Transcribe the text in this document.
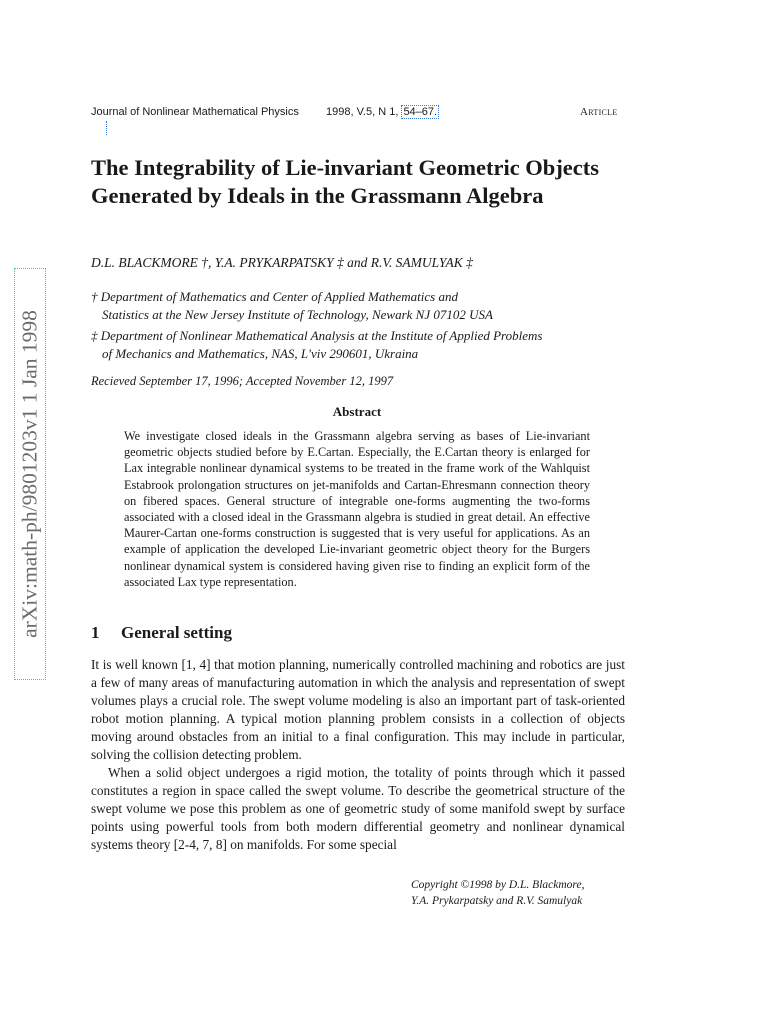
Journal of Nonlinear Mathematical Physics 1998, V.5, N 1, 54–67.	Article
arXiv:math-ph/9801203v1 1 Jan 1998
The Integrability of Lie-invariant Geometric Objects Generated by Ideals in the Grassmann Algebra
D.L. BLACKMORE †, Y.A. PRYKARPATSKY ‡ and R.V. SAMULYAK ‡
† Department of Mathematics and Center of Applied Mathematics and
Statistics at the New Jersey Institute of Technology, Newark NJ 07102 USA
‡ Department of Nonlinear Mathematical Analysis at the Institute of Applied Problems
of Mechanics and Mathematics, NAS, L'viv 290601, Ukraina
Recieved September 17, 1996; Accepted November 12, 1997
Abstract
We investigate closed ideals in the Grassmann algebra serving as bases of Lie-invariant geometric objects studied before by E.Cartan. Especially, the E.Cartan theory is enlarged for Lax integrable nonlinear dynamical systems to be treated in the frame work of the Wahlquist Estabrook prolongation structures on jet-manifolds and Cartan-Ehresmann connection theory on fibered spaces. General structure of integrable one-forms augmenting the two-forms associated with a closed ideal in the Grassmann algebra is studied in great detail. An effective Maurer-Cartan one-forms construction is suggested that is very useful for applications. As an example of application the developed Lie-invariant geometric object theory for the Burgers nonlinear dynamical system is considered having given rise to finding an explicit form of the associated Lax type representation.
1 General setting
It is well known [1, 4] that motion planning, numerically controlled machining and robotics are just a few of many areas of manufacturing automation in which the analysis and representation of swept volumes plays a crucial role. The swept volume modeling is also an important part of task-oriented robot motion planning. A typical motion planning problem consists in a collection of objects moving around obstacles from an initial to a final configuration. This may include in particular, solving the collision detecting problem.
When a solid object undergoes a rigid motion, the totality of points through which it passed constitutes a region in space called the swept volume. To describe the geometrical structure of the swept volume we pose this problem as one of geometric study of some manifold swept by surface points using powerful tools from both modern differential geometry and nonlinear dynamical systems theory [2-4, 7, 8] on manifolds. For some special
Copyright ©1998 by D.L. Blackmore,
Y.A. Prykarpatsky and R.V. Samulyak
